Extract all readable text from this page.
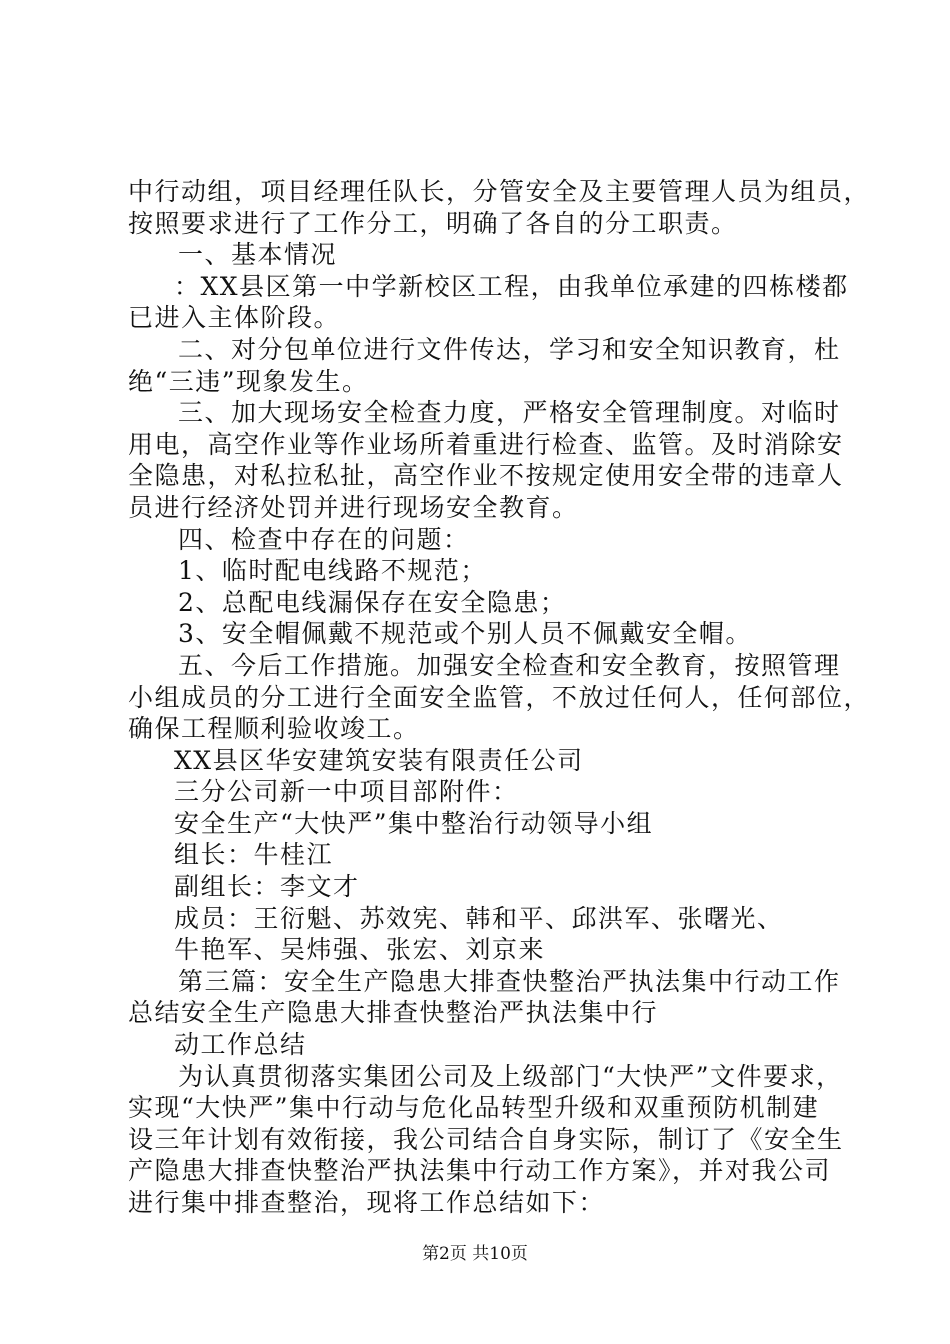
中行动组，项目经理任队长，分管安全及主要管理人员为组员，
按照要求进行了工作分工，明确了各自的分工职责。
一、基本情况
：XX县区第一中学新校区工程，由我单位承建的四栋楼都
已进入主体阶段。
二、对分包单位进行文件传达，学习和安全知识教育，杜
绝“三违”现象发生。
三、加大现场安全检查力度，严格安全管理制度。对临时
用电，高空作业等作业场所着重进行检查、监管。及时消除安
全隐患，对私拉私扯，高空作业不按规定使用安全带的违章人
员进行经济处罚并进行现场安全教育。
四、检查中存在的问题：
1、临时配电线路不规范；
2、总配电线漏保存在安全隐患；
3、安全帽佩戴不规范或个别人员不佩戴安全帽。
五、今后工作措施。加强安全检查和安全教育，按照管理
小组成员的分工进行全面安全监管，不放过任何人，任何部位，
确保工程顺利验收竣工。
XX县区华安建筑安装有限责任公司
三分公司新一中项目部附件：
安全生产“大快严”集中整治行动领导小组
组长：牛桂江
副组长：李文才
成员：王衍魁、苏效宪、韩和平、邱洪军、张曙光、
牛艳军、吴炜强、张宏、刘京来
第三篇：安全生产隐患大排查快整治严执法集中行动工作
总结安全生产隐患大排查快整治严执法集中行
动工作总结
为认真贯彻落实集团公司及上级部门“大快严”文件要求，
实现“大快严”集中行动与危化品转型升级和双重预防机制建
设三年计划有效衔接，我公司结合自身实际，制订了《安全生
产隐患大排查快整治严执法集中行动工作方案》，并对我公司
进行集中排查整治，现将工作总结如下：
第2页 共10页
